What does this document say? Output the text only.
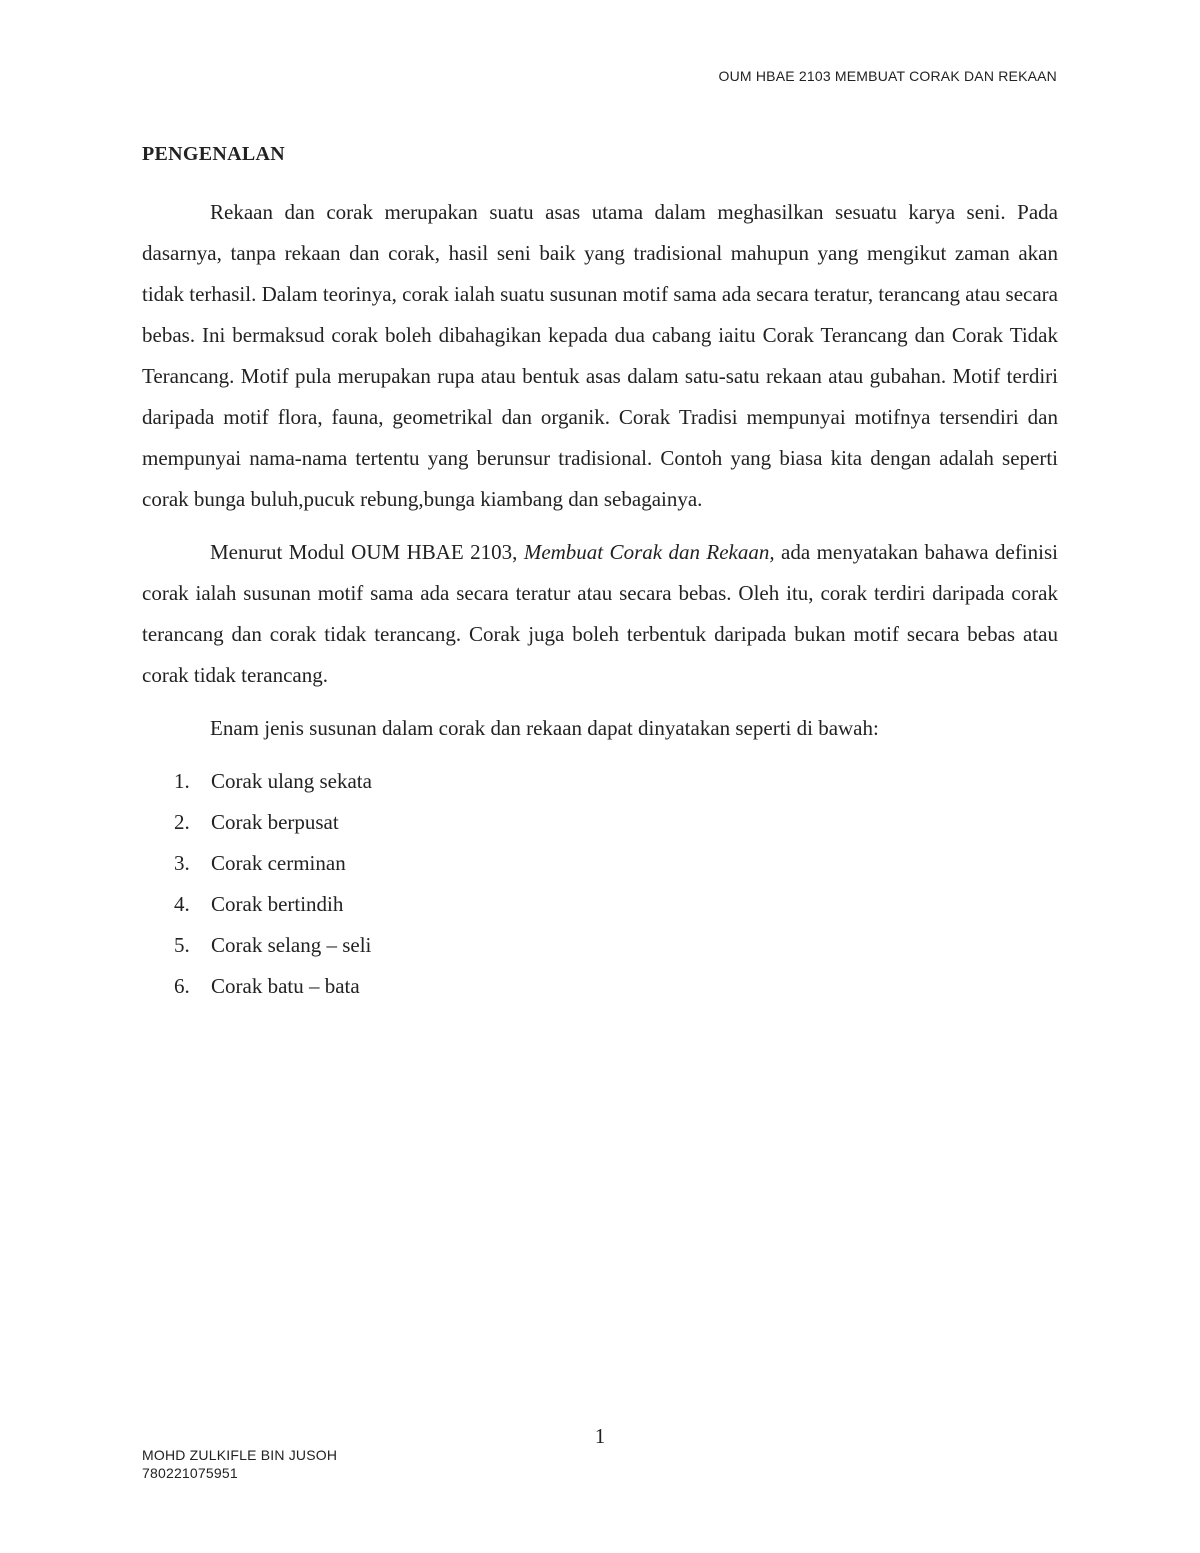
OUM HBAE 2103 MEMBUAT CORAK DAN REKAAN
PENGENALAN

Rekaan dan corak merupakan suatu asas utama dalam meghasilkan sesuatu karya seni. Pada dasarnya, tanpa rekaan dan corak, hasil seni baik yang tradisional mahupun yang mengikut zaman akan tidak terhasil. Dalam teorinya, corak ialah suatu susunan motif sama ada secara teratur, terancang atau secara bebas. Ini bermaksud corak boleh dibahagikan kepada dua cabang iaitu Corak Terancang dan Corak Tidak Terancang. Motif pula merupakan rupa atau bentuk asas dalam satu-satu rekaan atau gubahan. Motif terdiri daripada motif flora, fauna, geometrikal dan organik. Corak Tradisi mempunyai motifnya tersendiri dan mempunyai nama-nama tertentu yang berunsur tradisional. Contoh yang biasa kita dengan adalah seperti corak bunga buluh,pucuk rebung,bunga kiambang dan sebagainya.

Menurut Modul OUM HBAE 2103, Membuat Corak dan Rekaan, ada menyatakan bahawa definisi corak ialah susunan motif sama ada secara teratur atau secara bebas. Oleh itu, corak terdiri daripada corak terancang dan corak tidak terancang. Corak juga boleh terbentuk daripada bukan motif secara bebas atau corak tidak terancang.

Enam jenis susunan dalam corak dan rekaan dapat dinyatakan seperti di bawah:

1.	Corak ulang sekata
2.	Corak berpusat
3.	Corak cerminan
4.	Corak bertindih
5.	Corak selang – seli
6.	Corak batu – bata
1
MOHD ZULKIFLE BIN JUSOH
780221075951
